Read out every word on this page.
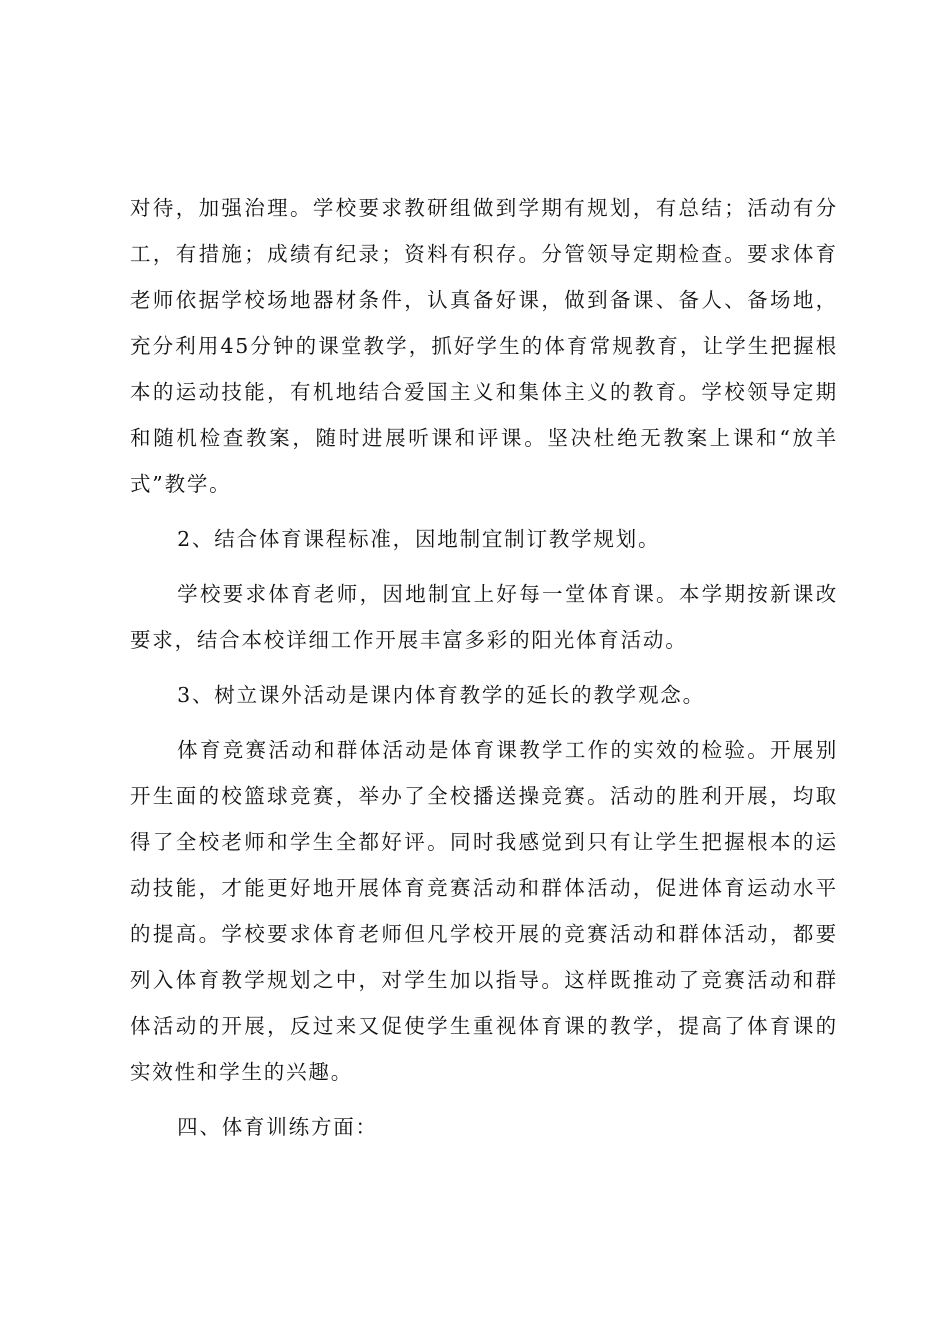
对待，加强治理。学校要求教研组做到学期有规划，有总结；活动有分工，有措施；成绩有纪录；资料有积存。分管领导定期检查。要求体育老师依据学校场地器材条件，认真备好课，做到备课、备人、备场地，充分利用45分钟的课堂教学，抓好学生的体育常规教育，让学生把握根本的运动技能，有机地结合爱国主义和集体主义的教育。学校领导定期和随机检查教案，随时进展听课和评课。坚决杜绝无教案上课和“放羊式”教学。

2、结合体育课程标准，因地制宜制订教学规划。

学校要求体育老师，因地制宜上好每一堂体育课。本学期按新课改要求，结合本校详细工作开展丰富多彩的阳光体育活动。

3、树立课外活动是课内体育教学的延长的教学观念。

体育竞赛活动和群体活动是体育课教学工作的实效的检验。开展别开生面的校篮球竞赛，举办了全校播送操竞赛。活动的胜利开展，均取得了全校老师和学生全都好评。同时我感觉到只有让学生把握根本的运动技能，才能更好地开展体育竞赛活动和群体活动，促进体育运动水平的提高。学校要求体育老师但凡学校开展的竞赛活动和群体活动，都要列入体育教学规划之中，对学生加以指导。这样既推动了竞赛活动和群体活动的开展，反过来又促使学生重视体育课的教学，提高了体育课的实效性和学生的兴趣。

四、体育训练方面：
